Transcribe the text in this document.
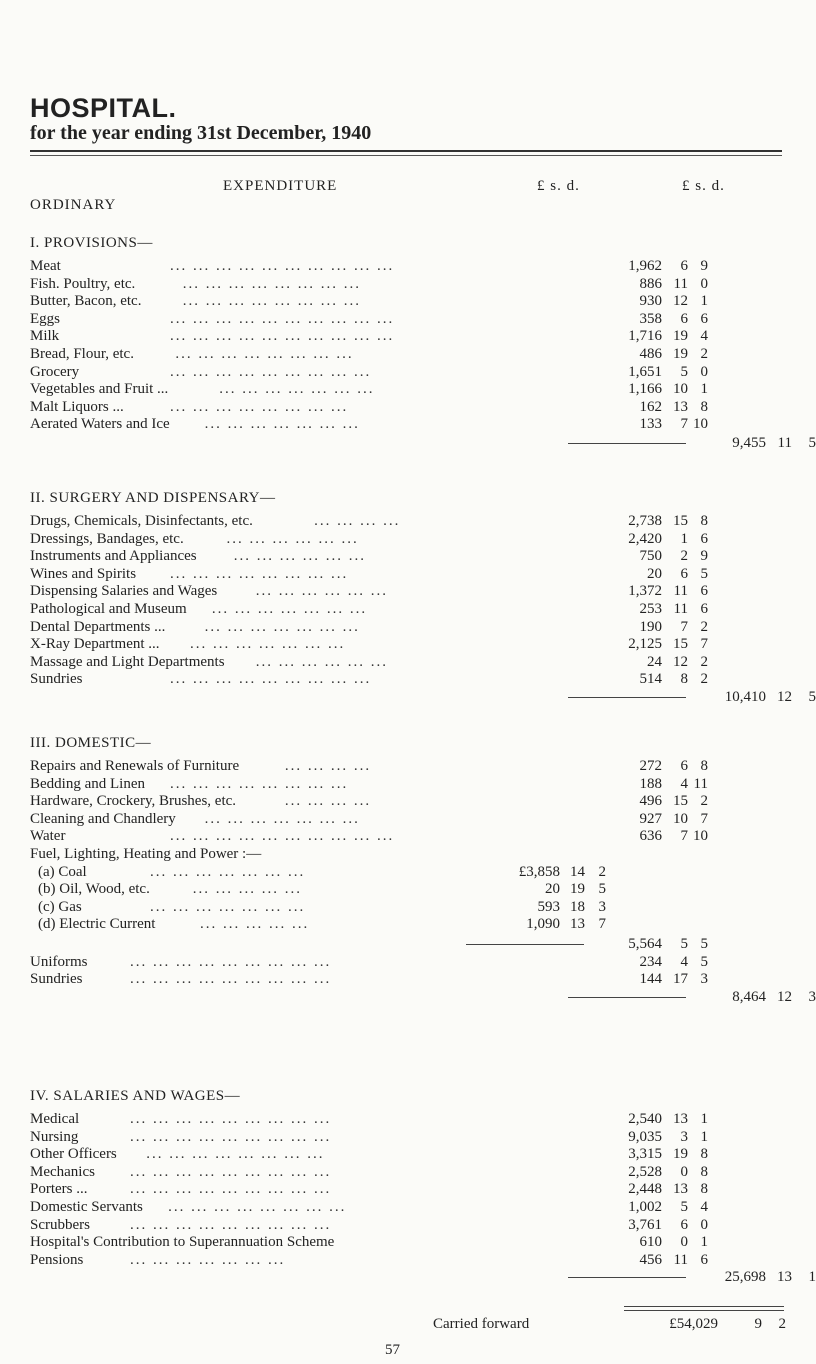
HOSPITAL.
for the year ending 31st December, 1940
EXPENDITURE	£ s. d.	£ s. d.
ORDINARY
I. PROVISIONS—
Meat	... ... ... ... ... ... ... ... ... ...	1,962	6 9
Fish. Poultry, etc.	... ... ... ... ... ... ... ...	886 11 0
Butter, Bacon, etc.	... ... ... ... ... ... ... ...	930 12 1
Eggs	... ... ... ... ... ... ... ... ... ...	358	6 6
Milk	... ... ... ... ... ... ... ... ... ...	1,716 19 4
Bread, Flour, etc.	... ... ... ... ... ... ... ...	486 19 2
Grocery	... ... ... ... ... ... ... ... ...	1,651	5 0
Vegetables and Fruit ...	... ... ... ... ... ... ...	1,166 10 1
Malt Liquors ...	... ... ... ... ... ... ... ...	162 13 8
Aerated Waters and Ice ... ... ... ... ... ... ...	133	7 10
9,455 11	5
II. SURGERY AND DISPENSARY—
Drugs, Chemicals, Disinfectants, etc.	... ... ... ...	2,738 15 8
Dressings, Bandages, etc.	... ... ... ... ... ...	2,420	1 6
Instruments and Appliances ... ... ... ... ... ...	750	2 9
Wines and Spirits ... ... ... ... ... ... ... ...	20	6 5
Dispensing Salaries and Wages	... ... ... ... ... ...	1,372 11 6
Pathological and Museum ... ... ... ... ... ... ...	253 11 6
Dental Departments ...	... ... ... ... ... ... ...	190	7 2
X-Ray Department ... ... ... ... ... ... ... ...	2,125 15 7
Massage and Light Departments ... ... ... ... ... ...	24 12 2
Sundries	... ... ... ... ... ... ... ... ...	514	8 2
10,410 12	5
III. DOMESTIC—
Repairs and Renewals of Furniture	... ... ... ...	272	6 8
Bedding and Linen ... ... ... ... ... ... ... ...	188	4 11
Hardware, Crockery, Brushes, etc.	... ... ... ...	496 15 2
Cleaning and Chandlery ... ... ... ... ... ... ...	927 10 7
Water	... ... ... ... ... ... ... ... ... ...	636	7 10
Fuel, Lighting, Heating and Power :—
(a) Coal	... ... ... ... ... ... ...	£3,858 14 2
(b) Oil, Wood, etc.	... ... ... ... ...	20 19 5
(c) Gas	... ... ... ... ... ... ...	593 18 3
(d) Electric Current	... ... ... ... ...	1,090 13 7
5,564	5 5
Uniforms	... ... ... ... ... ... ... ... ...	234	4 5
Sundries	... ... ... ... ... ... ... ... ...	144 17 3
8,464 12	3
IV. SALARIES AND WAGES—
Medical	... ... ... ... ... ... ... ... ...	2,540 13 1
Nursing	... ... ... ... ... ... ... ... ...	9,035	3 1
Other Officers ... ... ... ... ... ... ... ...	3,315 19 8
Mechanics ... ... ... ... ... ... ... ... ...	2,528	0 8
Porters ...	... ... ... ... ... ... ... ... ...	2,448 13 8
Domestic Servants ... ... ... ... ... ... ... ...	1,002	5 4
Scrubbers	... ... ... ... ... ... ... ... ...	3,761	6 0
Hospital's Contribution to Superannuation Scheme	610	0 1
Pensions	... ... ... ... ... ... ...	456 11 6
25,698 13	1
Carried forward	£54,029	9	2
57
